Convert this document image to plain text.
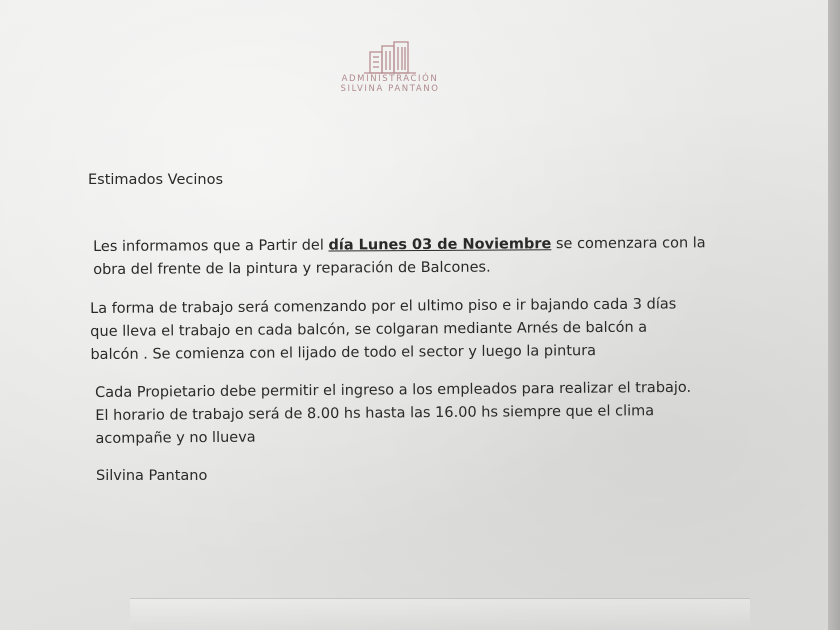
ADMINISTRACIÓN
SILVINA PANTANO
Estimados Vecinos
Les informamos que a Partir del día Lunes 03 de Noviembre se comenzara con la
obra del frente de la pintura y reparación de Balcones.
La forma de trabajo será comenzando por el ultimo piso e ir bajando cada 3 días
que lleva el trabajo en cada balcón, se colgaran mediante Arnés de balcón a
balcón . Se comienza con el lijado de todo el sector y luego la pintura
Cada Propietario debe permitir el ingreso a los empleados para realizar el trabajo.
El horario de trabajo será de 8.00 hs hasta las 16.00 hs siempre que el clima
acompañe y no llueva
Silvina Pantano
